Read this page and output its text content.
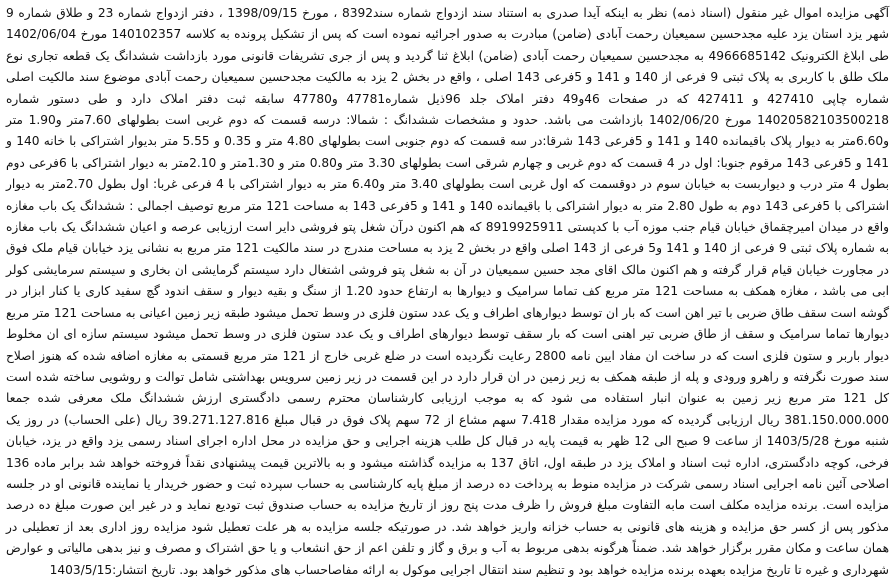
آگهی مزایده اموال غیر منقول (اسناد ذمه) نظر به اینکه آیدا صدری به استناد سند ازدواج شماره سند8392 ، مورخ 1398/09/15 ، دفتر ازدواج شماره 23 و طلاق شماره 9 شهر یزد استان یزد علیه مجدحسین سمیعیان رحمت آبادی (ضامن) مبادرت به صدور اجرائیه نموده است که پس از تشکیل پرونده به کلاسه 140102357 مورخ 1402/06/04 طی ابلاغ الکترونیک 4966685142 به مجدحسین سمیعیان رحمت آبادی (ضامن) ابلاغ ثنا گردید و پس از جری تشریفات قانونی مورد بازداشت ششدانگ یک قطعه تجاری نوع ملک طلق با کاربری به پلاک ثبتی 9 فرعی از 140 و 141 و 5فرعی 143 اصلی ، واقع در بخش 2 یزد به مالکیت مجدحسین سمیعیان رحمت آبادی موضوع سند مالکیت اصلی شماره چاپی 427410 و 427411 که در صفحات 46و49 دفتر املاک جلد 96ذیل شماره47781 و47780 سابقه ثبت دفتر املاک دارد و طی دستور شماره 14020582103500218 مورخ 1402/06/20 بازداشت می باشد. حدود و مشخصات ششدانگ : شمالا: درسه قسمت که دوم غربی است بطولهای 7.60متر و1.90 متر و6.60متر به دیوار پلاک باقیمانده 140 و 141 و 5فرعی 143 شرقا:در سه قسمت که دوم جنوبی است بطولهای 4.80 متر و 0.35 و 5.55 متر بدیوار اشتراکی با خانه 140 و 141 و 5فرعی 143 مرقوم جنوبا: اول در 4 قسمت که دوم غربی و چهارم شرقی است بطولهای 3.30 متر و0.80 متر و 1.30متر و 2.10متر به دیوار اشتراکی با 6فرعی دوم بطول 4 متر درب و دیواربست به خیابان سوم در دوقسمت که اول غربی است بطولهای 3.40 متر و6.40 متر به دیوار اشتراکی با 4 فرعی غربا: اول بطول 2.70متر به دیوار اشتراکی با 5فرعی 143 دوم به طول 2.80 متر به دیوار اشتراکی با باقیمانده 140 و 141 و 5فرعی 143 به مساحت 121 متر مربع توصیف اجمالی : ششدانگ یک باب مغازه واقع در میدان امیرچقماق خیابان قیام جنب موزه آب با کدپستی 8919925911 که هم اکنون درآن شغل پتو فروشی دایر است ارزیابی عرصه و اعیان ششدانگ یک باب مغازه به شماره پلاک ثبتی 9 فرعی از 140 و 141 و5 فرعی از 143 اصلی واقع در بخش 2 یزد به مساحت مندرج در سند مالکیت 121 متر مربع به نشانی یزد خیابان قیام ملک فوق در مجاورت خیابان قیام قرار گرفته و هم اکنون مالک اقای مجد حسین سمیعیان در آن به شغل پتو فروشی اشتغال دارد سیستم گرمایشی ان بخاری و سیستم سرمایشی کولر ابی می باشد ، مغازه همکف به مساحت 121 متر مربع کف تماما سرامیک و دیوارها به ارتفاع حدود 1.20 از سنگ و بقیه دیوار و سقف اندود گچ سفید کاری یا کنار ابزار در گوشه است سقف طاق ضربی با تیر اهن است که بار ان توسط دیوارهای اطراف و یک عدد ستون فلزی در وسط تحمل میشود طبقه زیر زمین اعیانی به مساحت 121 متر مربع دیوارها تماما سرامیک و سقف از طاق ضربی تیر اهنی است که بار سقف توسط دیوارهای اطراف و یک عدد ستون فلزی در وسط تحمل میشود سیستم سازه ای ان مخلوط دیوار باربر و ستون فلزی است که در ساخت ان مفاد ایین نامه 2800 رعایت نگردیده است در ضلع غربی خارج از 121 متر مربع قسمتی به مغازه اضافه شده که هنوز اصلاح سند صورت نگرفته و راهرو ورودی و پله از طبقه همکف به زیر زمین در ان قرار دارد در این قسمت در زیر زمین سرویس بهداشتی شامل توالت و روشویی ساخته شده است کل 121 متر مربع زیر زمین به عنوان انبار استفاده می شود که به موجب ارزیابی کارشناسان محترم رسمی دادگستری ارزش ششدانگ ملک معرفی شده جمعا 381.150.000.000 ریال ارزیابی گردیده که مورد مزایده مقدار 7.418 سهم مشاع از 72 سهم پلاک فوق در قبال مبلغ 39.271.127.816 ریال (علی الحساب) در روز یک شنبه مورخ 1403/5/28 از ساعت 9 صبح الی 12 ظهر به قیمت پایه در قبال کل طلب هزینه اجرایی و حق مزایده در محل اداره اجرای اسناد رسمی یزد واقع در یزد، خیابان فرخی، کوچه دادگستری، اداره ثبت اسناد و املاک یزد در طبقه اول، اتاق 137 به مزایده گذاشته میشود و به بالاترین قیمت پیشنهادی نقداً فروخته خواهد شد برابر ماده 136 اصلاحی آئین نامه اجرایی اسناد رسمی شرکت در مزایده منوط به پرداخت ده درصد از مبلغ پایه کارشناسی به حساب سپرده ثبت و حضور خریدار یا نماینده قانونی او در جلسه مزایده است. برنده مزایده مکلف است مابه التفاوت مبلغ فروش را ظرف مدت پنج روز از تاریخ مزایده به حساب صندوق ثبت تودیع نماید و در غیر این صورت مبلغ ده درصد مذکور پس از کسر حق مزایده و هزینه های قانونی به حساب خزانه واریز خواهد شد. در صورتیکه جلسه مزایده به هر علت تعطیل شود مزایده روز اداری بعد از تعطیلی در همان ساعت و مکان مقرر برگزار خواهد شد. ضمناً هرگونه بدهی مربوط به آب و برق و گاز و تلفن اعم از حق انشعاب و یا حق اشتراک و مصرف و نیز بدهی مالیاتی و عوارض شهرداری و غیره تا تاریخ مزایده بعهده برنده مزایده خواهد بود و تنظیم سند انتقال اجرایی موکول به ارائه مفاصاحساب های مذکور خواهد بود. تاریخ انتشار:1403/5/15
